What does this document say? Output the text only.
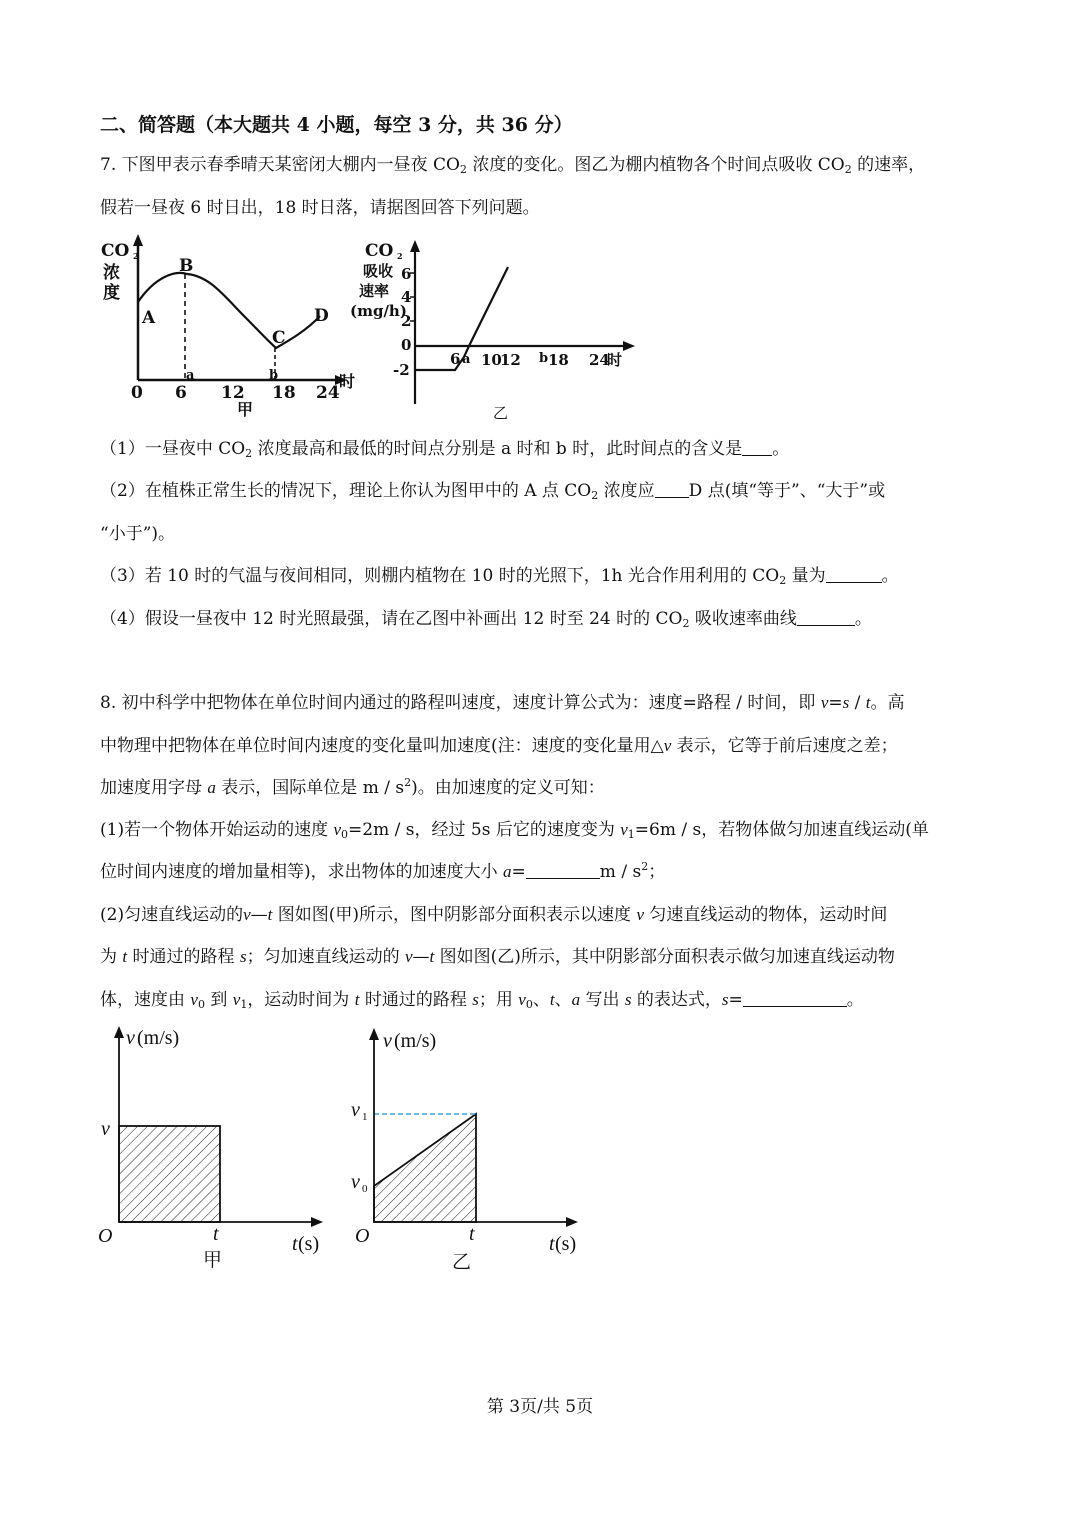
二、简答题（本大题共 4 小题，每空 3 分，共 36 分）
7. 下图甲表示春季晴天某密闭大棚内一昼夜 $CO_2$ 浓度的变化。图乙为棚内植物各个时间点吸收 $CO_2$ 的速率，
假若一昼夜 6 时日出，18 时日落，请据图回答下列问题。
CO 2
浓
度
A
B
C
D
a	b
0 6 12 18 24
时
甲
CO 2
吸收
速率
(mg/h)
6
4
2
0
-2
6 a 10
12 b 18 24
时
乙
（1）一昼夜中 $CO_2$ 浓度最高和最低的时间点分别是 a 时和 b 时，此时间点的含义是 。
（2）在植株正常生长的情况下，理论上你认为图甲中的 A 点 $CO_2$ 浓度应 D 点(填“等于”、“大于”或
“小于”)。
（3）若 10 时的气温与夜间相同，则棚内植物在 10 时的光照下，1h 光合作用利用的 $CO_2$ 量为	。
（4）假设一昼夜中 12 时光照最强，请在乙图中补画出 12 时至 24 时的 $CO_2$ 吸收速率曲线	。
8. 初中科学中把物体在单位时间内通过的路程叫速度，速度计算公式为：速度=路程 / 时间，即 v=s / t。高
中物理中把物体在单位时间内速度的变化量叫加速度(注：速度的变化量用△v 表示，它等于前后速度之差；
加速度用字母 a 表示，国际单位是 m / $s^2$)。由加速度的定义可知：
(1)若一个物体开始运动的速度 $v_0=2m / s$，经过 5s 后它的速度变为 $v_1=6m / s$，若物体做匀加速直线运动(单
位时间内速度的增加量相等)，求出物体的加速度大小 a=	m / $s^2$；
(2)匀速直线运动的v—t 图如图(甲)所示，图中阴影部分面积表示以速度 v 匀速直线运动的物体，运动时间
为 t 时通过的路程 s；匀加速直线运动的 v—t 图如图(乙)所示，其中阴影部分面积表示做匀加速直线运动物
体，速度由 $v_0$ 到 $v_1$，运动时间为 t 时通过的路程 s；用 $v_0$、t、a 写出 s 的表达式，s=	。
v (m/s)
v
O	t
甲
t (s)
v (m/s)
v 1
v 0
O	t
乙
t (s)
第 3页/共 5页
